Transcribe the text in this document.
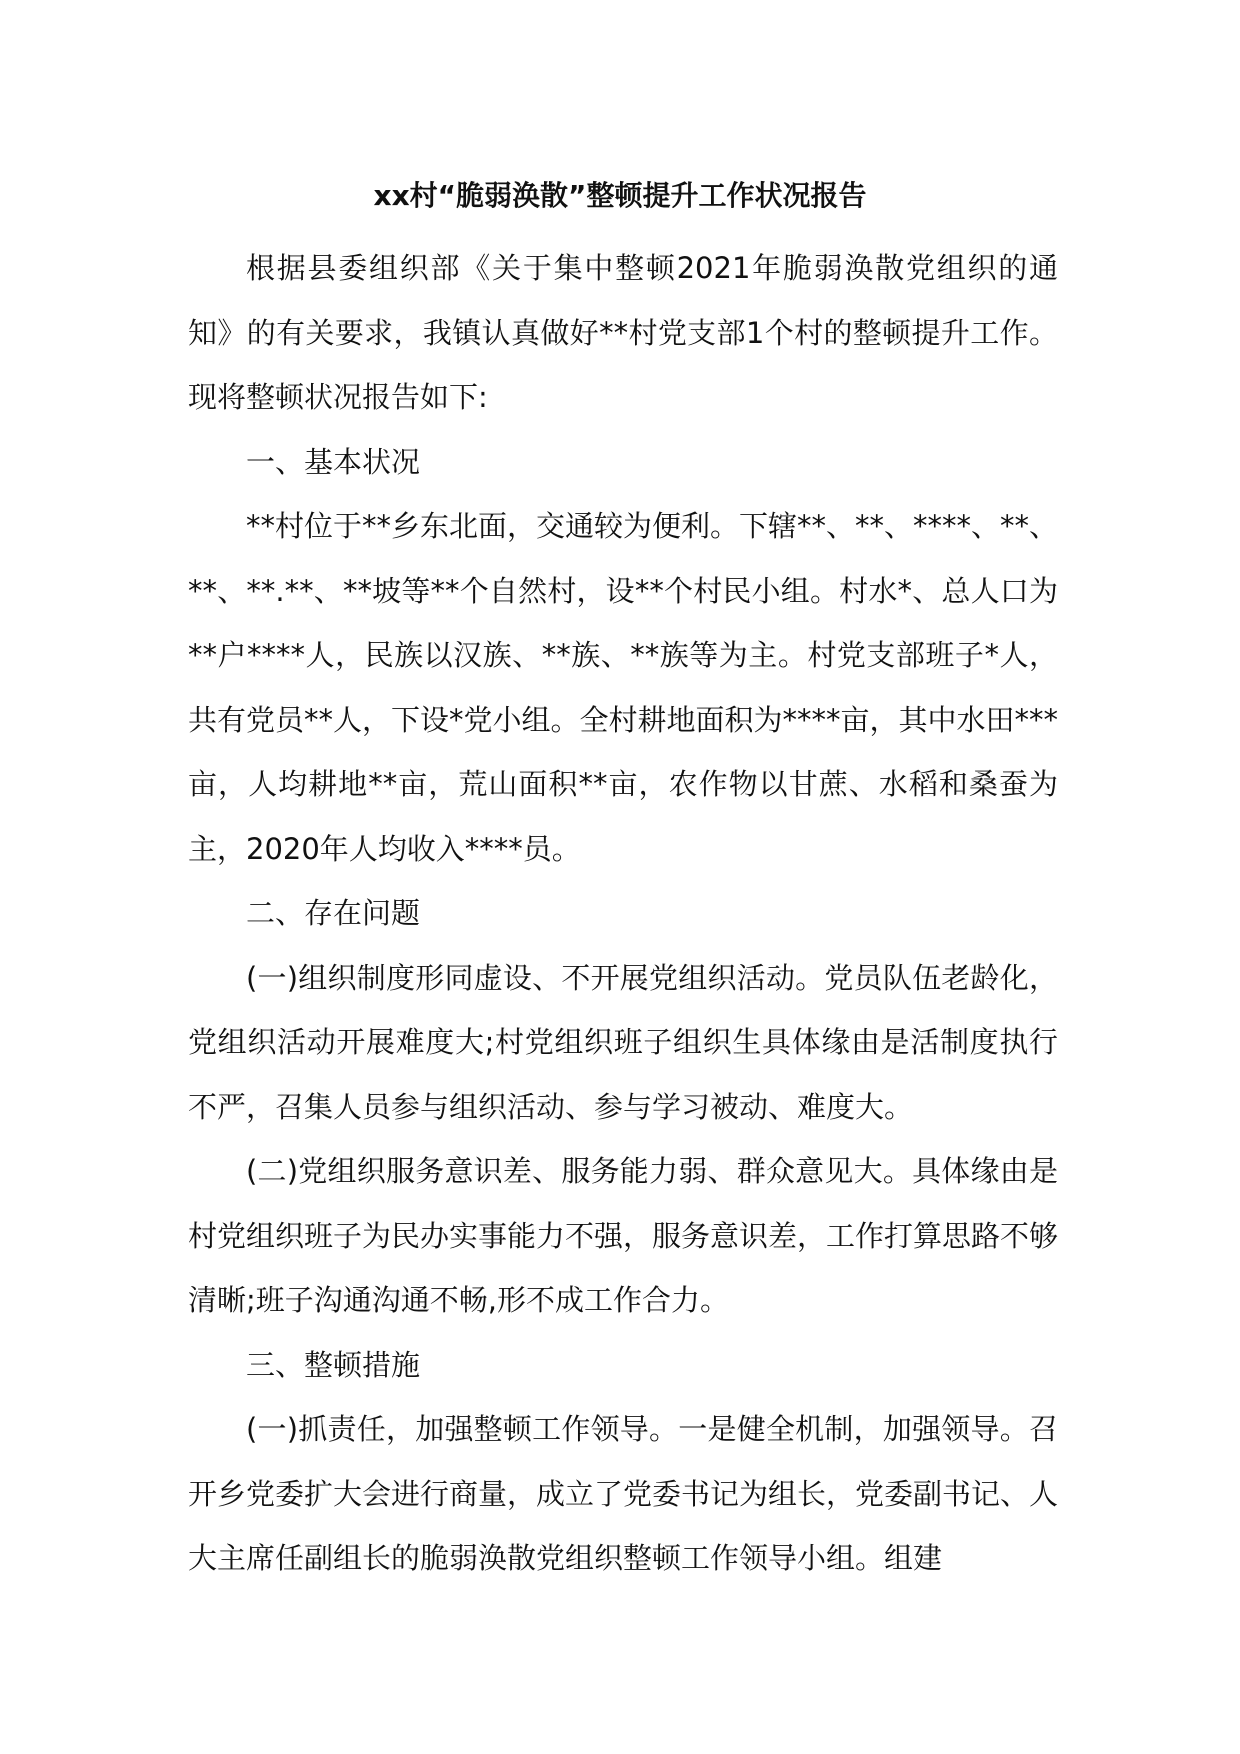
xx村“脆弱涣散”整顿提升工作状况报告

根据县委组织部《关于集中整顿2021年脆弱涣散党组织的通知》的有关要求，我镇认真做好**村党支部1个村的整顿提升工作。现将整顿状况报告如下:

一、基本状况

**村位于**乡东北面，交通较为便利。下辖**、**、****、**、**、**.**、**坡等**个自然村，设**个村民小组。村水*、总人口为**户****人，民族以汉族、**族、**族等为主。村党支部班子*人，共有党员**人，下设*党小组。全村耕地面积为****亩，其中水田***亩，人均耕地**亩，荒山面积**亩，农作物以甘蔗、水稻和桑蚕为主，2020年人均收入****员。

二、存在问题

(一)组织制度形同虚设、不开展党组织活动。党员队伍老龄化，党组织活动开展难度大;村党组织班子组织生具体缘由是活制度执行不严，召集人员参与组织活动、参与学习被动、难度大。

(二)党组织服务意识差、服务能力弱、群众意见大。具体缘由是村党组织班子为民办实事能力不强，服务意识差，工作打算思路不够清晰;班子沟通沟通不畅,形不成工作合力。

三、整顿措施

(一)抓责任，加强整顿工作领导。一是健全机制，加强领导。召开乡党委扩大会进行商量，成立了党委书记为组长，党委副书记、人大主席任副组长的脆弱涣散党组织整顿工作领导小组。组建
